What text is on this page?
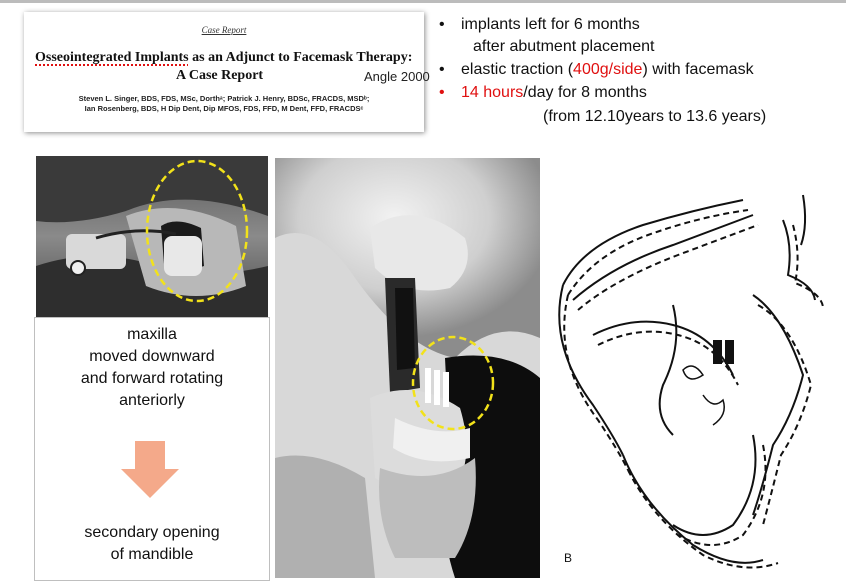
Case Report
Osseointegrated Implants as an Adjunct to Facemask Therapy:
A Case Report	Angle 2000
Steven L. Singer, BDS, FDS, MSc, Dorthᵃ; Patrick J. Henry, BDSc, FRACDS, MSDᵇ;
Ian Rosenberg, BDS, H Dip Dent, Dip MFOS, FDS, FFD, M Dent, FFD, FRACDSᶜ
• implants left for 6 months
after abutment placement
• elastic traction (400g/side) with facemask
• 14 hours/day for 8 months
(from 12.10years to 13.6 years)
maxilla
moved downward
and forward rotating
anteriorly
secondary opening
of mandible	B
